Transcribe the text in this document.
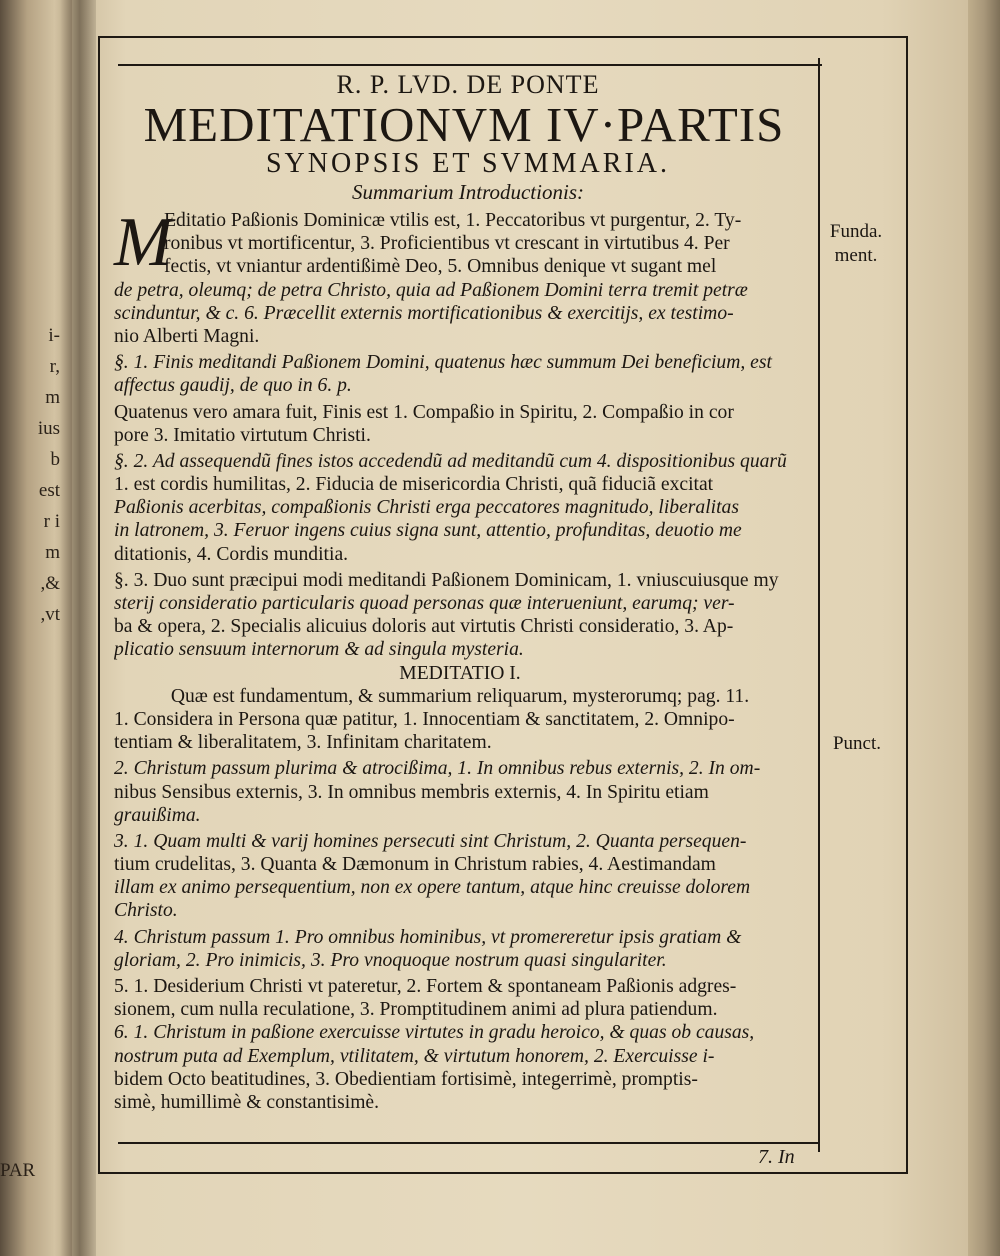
i-
r,
m
ius
b
est
r i
m
,&
,vt
PAR
R. P. LVD. DE PONTE
MEDITATIONVM IV·PARTIS
SYNOPSIS ET SVMMARIA.
Summarium Introductionis:
M
Editatio Paßionis Dominicæ vtilis est, 1. Peccatoribus vt purgentur, 2. Ty-
ronibus vt mortificentur, 3. Proficientibus vt crescant in virtutibus 4. Per
fectis, vt vniantur ardentißimè Deo, 5. Omnibus denique vt sugant mel
de petra, oleumq; de petra Christo, quia ad Paßionem Domini terra tremit petræ
scinduntur, & c. 6. Præcellit externis mortificationibus & exercitijs, ex testimo-
nio Alberti Magni.
§. 1. Finis meditandi Paßionem Domini, quatenus hæc summum Dei beneficium, est
affectus gaudij, de quo in 6. p.
Quatenus vero amara fuit, Finis est 1. Compaßio in Spiritu, 2. Compaßio in cor
pore 3. Imitatio virtutum Christi.
§. 2. Ad assequendũ fines istos accedendũ ad meditandũ cum 4. dispositionibus quarũ
1. est cordis humilitas, 2. Fiducia de misericordia Christi, quã fiduciã excitat
Paßionis acerbitas, compaßionis Christi erga peccatores magnitudo, liberalitas
in latronem, 3. Feruor ingens cuius signa sunt, attentio, profunditas, deuotio me
ditationis, 4. Cordis munditia.
§. 3. Duo sunt præcipui modi meditandi Paßionem Dominicam, 1. vniuscuiusque my
sterij consideratio particularis quoad personas quæ interueniunt, earumq; ver-
ba & opera, 2. Specialis alicuius doloris aut virtutis Christi consideratio, 3. Ap-
plicatio sensuum internorum & ad singula mysteria.
MEDITATIO I.
Quæ est fundamentum, & summarium reliquarum, mysterorumq; pag. 11.
1. Considera in Persona quæ patitur, 1. Innocentiam & sanctitatem, 2. Omnipo-
tentiam & liberalitatem, 3. Infinitam charitatem.
2. Christum passum plurima & atrocißima, 1. In omnibus rebus externis, 2. In om-
nibus Sensibus externis, 3. In omnibus membris externis, 4. In Spiritu etiam
grauißima.
3. 1. Quam multi & varij homines persecuti sint Christum, 2. Quanta persequen-
tium crudelitas, 3. Quanta & Dæmonum in Christum rabies, 4. Aestimandam
illam ex animo persequentium, non ex opere tantum, atque hinc creuisse dolorem
Christo.
4. Christum passum 1. Pro omnibus hominibus, vt promereretur ipsis gratiam &
gloriam, 2. Pro inimicis, 3. Pro vnoquoque nostrum quasi singulariter.
5. 1. Desiderium Christi vt pateretur, 2. Fortem & spontaneam Paßionis adgres-
sionem, cum nulla reculatione, 3. Promptitudinem animi ad plura patiendum.
6. 1. Christum in paßione exercuisse virtutes in gradu heroico, & quas ob causas,
nostrum puta ad Exemplum, vtilitatem, & virtutum honorem, 2. Exercuisse i-
bidem Octo beatitudines, 3. Obedientiam fortisimè, integerrimè, promptis-
simè, humillimè & constantisimè.
Funda. ment.
Punct.
7. In
